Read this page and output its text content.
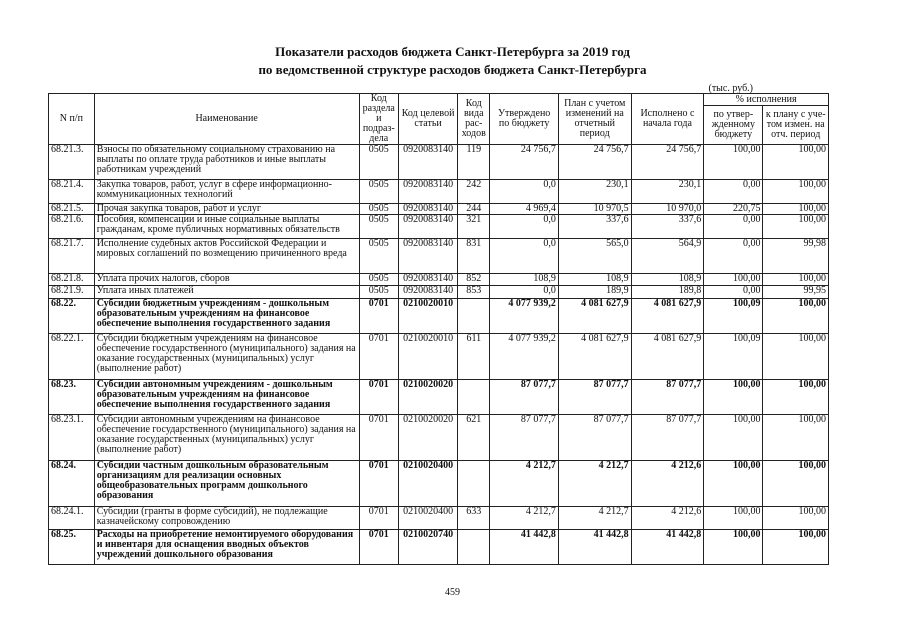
Показатели расходов бюджета Санкт-Петербурга за 2019 год
по ведомственной структуре расходов бюджета Санкт-Петербурга
(тыс. руб.)
N п/п	Наименование	Код раздела и подраз-дела	Код целевой статьи	Код вида рас-ходов	Утверждено по бюджету	План с учетом изменений на отчетный период	Исполнено с начала года	% исполнения	
								по утвер-жденному бюджету	к плану с уче-том измен. на отч. период
68.21.3.	Взносы по обязательному социальному страхованию на выплаты по оплате труда работников и иные выплаты работникам учреждений	0505	0920083140	119	24 756,7	24 756,7	24 756,7	100,00	100,00
68.21.4.	Закупка товаров, работ, услуг в сфере информационно-коммуникационных технологий	0505	0920083140	242	0,0	230,1	230,1	0,00	100,00
68.21.5.	Прочая закупка товаров, работ и услуг	0505	0920083140	244	4 969,4	10 970,5	10 970,0	220,75	100,00
68.21.6.	Пособия, компенсации и иные социальные выплаты гражданам, кроме публичных нормативных обязательств	0505	0920083140	321	0,0	337,6	337,6	0,00	100,00
68.21.7.	Исполнение судебных актов Российской Федерации и мировых соглашений по возмещению причиненного вреда	0505	0920083140	831	0,0	565,0	564,9	0,00	99,98
68.21.8.	Уплата прочих налогов, сборов	0505	0920083140	852	108,9	108,9	108,9	100,00	100,00
68.21.9.	Уплата иных платежей	0505	0920083140	853	0,0	189,9	189,8	0,00	99,95
68.22.	Субсидии бюджетным учреждениям - дошкольным образовательным учреждениям на финансовое обеспечение выполнения государственного задания	0701	0210020010		4 077 939,2	4 081 627,9	4 081 627,9	100,09	100,00
68.22.1.	Субсидии бюджетным учреждениям на финансовое обеспечение государственного (муниципального) задания на оказание государственных (муниципальных) услуг (выполнение работ)	0701	0210020010	611	4 077 939,2	4 081 627,9	4 081 627,9	100,09	100,00
68.23.	Субсидии автономным учреждениям - дошкольным образовательным учреждениям на финансовое обеспечение выполнения государственного задания	0701	0210020020		87 077,7	87 077,7	87 077,7	100,00	100,00
68.23.1.	Субсидии автономным учреждениям на финансовое обеспечение государственного (муниципального) задания на оказание государственных (муниципальных) услуг (выполнение работ)	0701	0210020020	621	87 077,7	87 077,7	87 077,7	100,00	100,00
68.24.	Субсидии частным дошкольным образовательным организациям для реализации основных общеобразовательных программ дошкольного образования	0701	0210020400		4 212,7	4 212,7	4 212,6	100,00	100,00
68.24.1.	Субсидии (гранты в форме субсидий), не подлежащие казначейскому сопровождению	0701	0210020400	633	4 212,7	4 212,7	4 212,6	100,00	100,00
68.25.	Расходы на приобретение немонтируемого оборудования и инвентаря для оснащения вводных объектов учреждений дошкольного образования	0701	0210020740		41 442,8	41 442,8	41 442,8	100,00	100,00
459
